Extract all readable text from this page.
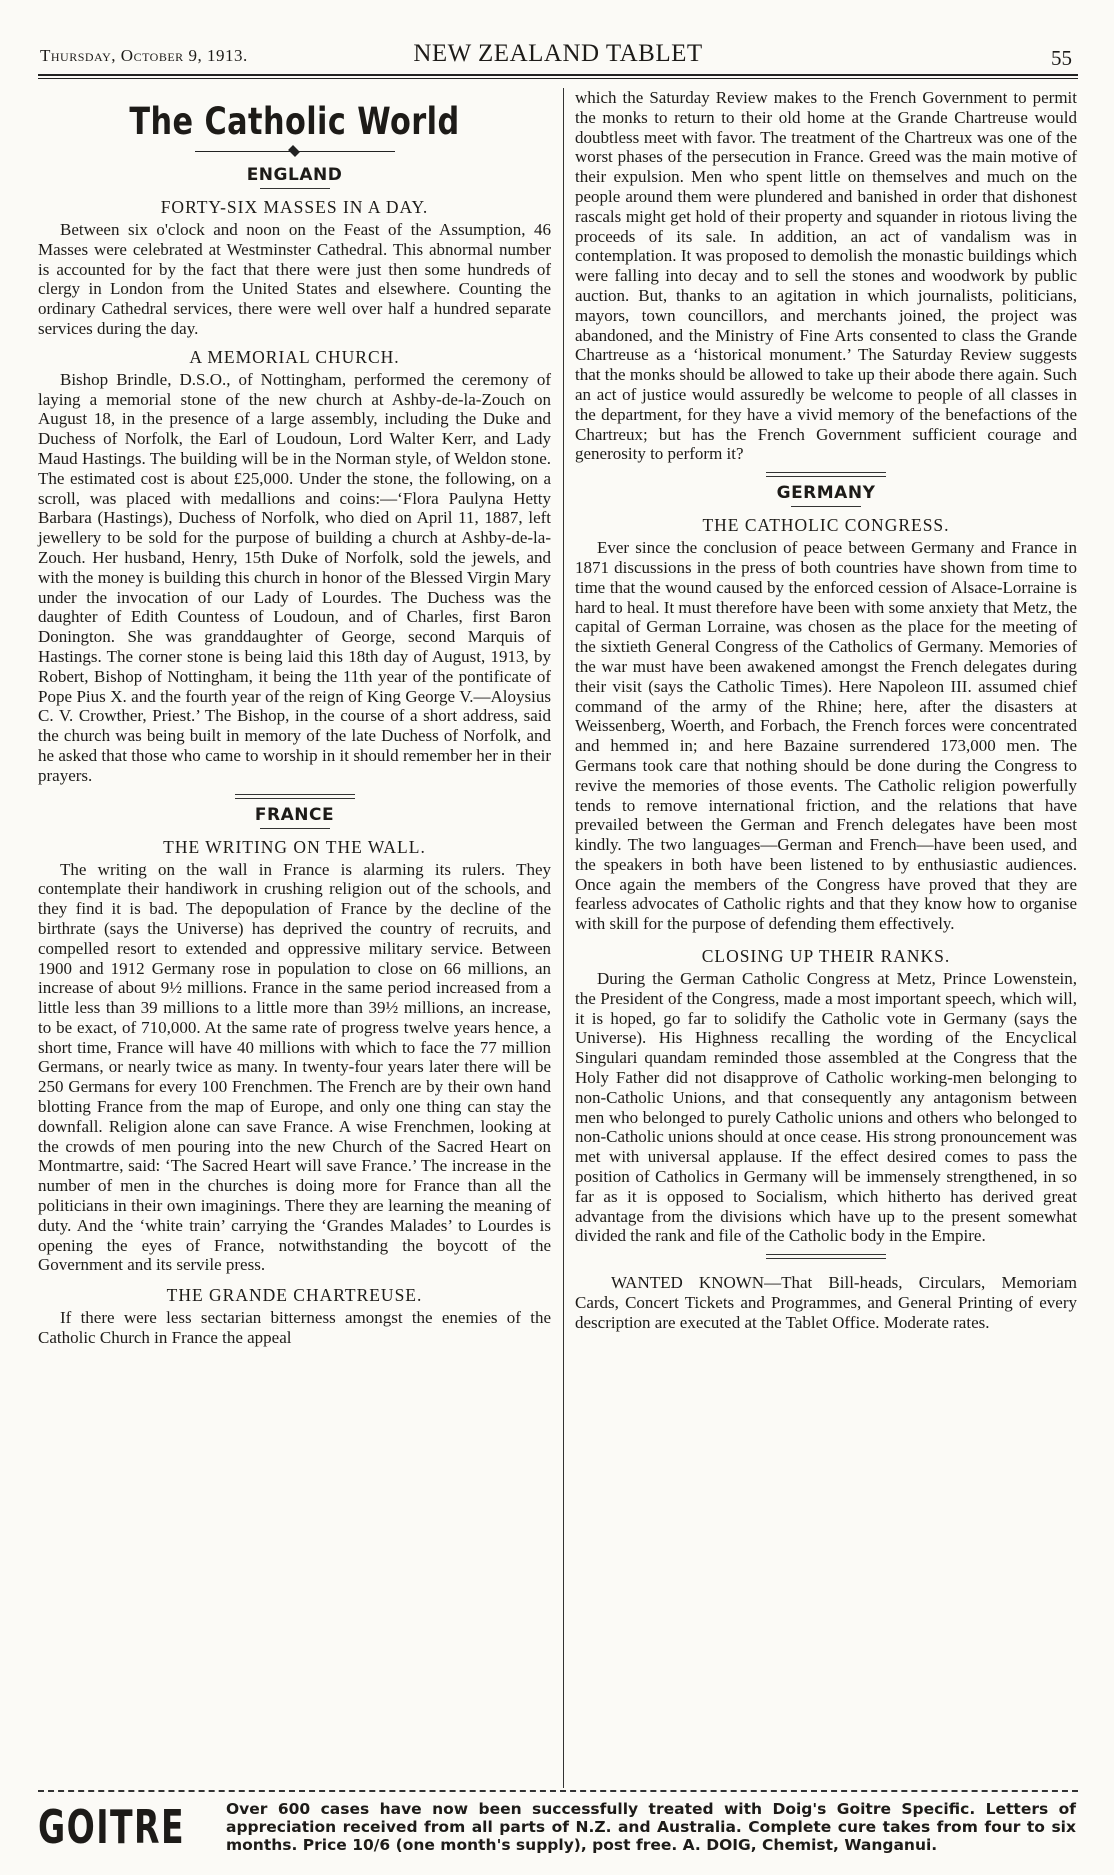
Thursday, October 9, 1913.	NEW ZEALAND TABLET	55
The Catholic World
ENGLAND
FORTY-SIX MASSES IN A DAY.

Between six o'clock and noon on the Feast of the Assumption, 46 Masses were celebrated at Westminster Cathedral. This abnormal number is accounted for by the fact that there were just then some hundreds of clergy in London from the United States and elsewhere. Counting the ordinary Cathedral services, there were well over half a hundred separate services during the day.

A MEMORIAL CHURCH.

Bishop Brindle, D.S.O., of Nottingham, performed the ceremony of laying a memorial stone of the new church at Ashby-de-la-Zouch on August 18, in the presence of a large assembly, including the Duke and Duchess of Norfolk, the Earl of Loudoun, Lord Walter Kerr, and Lady Maud Hastings. The building will be in the Norman style, of Weldon stone. The estimated cost is about £25,000. Under the stone, the following, on a scroll, was placed with medallions and coins:—‘Flora Paulyna Hetty Barbara (Hastings), Duchess of Norfolk, who died on April 11, 1887, left jewellery to be sold for the purpose of building a church at Ashby-de-la-Zouch. Her husband, Henry, 15th Duke of Norfolk, sold the jewels, and with the money is building this church in honor of the Blessed Virgin Mary under the invocation of our Lady of Lourdes. The Duchess was the daughter of Edith Countess of Loudoun, and of Charles, first Baron Donington. She was granddaughter of George, second Marquis of Hastings. The corner stone is being laid this 18th day of August, 1913, by Robert, Bishop of Nottingham, it being the 11th year of the pontificate of Pope Pius X. and the fourth year of the reign of King George V.—Aloysius C. V. Crowther, Priest.’ The Bishop, in the course of a short address, said the church was being built in memory of the late Duchess of Norfolk, and he asked that those who came to worship in it should remember her in their prayers.

FRANCE
THE WRITING ON THE WALL.

The writing on the wall in France is alarming its rulers. They contemplate their handiwork in crushing religion out of the schools, and they find it is bad. The depopulation of France by the decline of the birthrate (says the Universe) has deprived the country of recruits, and compelled resort to extended and oppressive military service. Between 1900 and 1912 Germany rose in population to close on 66 millions, an increase of about 9½ millions. France in the same period increased from a little less than 39 millions to a little more than 39½ millions, an increase, to be exact, of 710,000. At the same rate of progress twelve years hence, a short time, France will have 40 millions with which to face the 77 million Germans, or nearly twice as many. In twenty-four years later there will be 250 Germans for every 100 Frenchmen. The French are by their own hand blotting France from the map of Europe, and only one thing can stay the downfall. Religion alone can save France. A wise Frenchmen, looking at the crowds of men pouring into the new Church of the Sacred Heart on Montmartre, said: ‘The Sacred Heart will save France.’ The increase in the number of men in the churches is doing more for France than all the politicians in their own imaginings. There they are learning the meaning of duty. And the ‘white train’ carrying the ‘Grandes Malades’ to Lourdes is opening the eyes of France, notwithstanding the boycott of the Government and its servile press.

THE GRANDE CHARTREUSE.

If there were less sectarian bitterness amongst the enemies of the Catholic Church in France the appeal

which the Saturday Review makes to the French Government to permit the monks to return to their old home at the Grande Chartreuse would doubtless meet with favor. The treatment of the Chartreux was one of the worst phases of the persecution in France. Greed was the main motive of their expulsion. Men who spent little on themselves and much on the people around them were plundered and banished in order that dishonest rascals might get hold of their property and squander in riotous living the proceeds of its sale. In addition, an act of vandalism was in contemplation. It was proposed to demolish the monastic buildings which were falling into decay and to sell the stones and woodwork by public auction. But, thanks to an agitation in which journalists, politicians, mayors, town councillors, and merchants joined, the project was abandoned, and the Ministry of Fine Arts consented to class the Grande Chartreuse as a ‘historical monument.’ The Saturday Review suggests that the monks should be allowed to take up their abode there again. Such an act of justice would assuredly be welcome to people of all classes in the department, for they have a vivid memory of the benefactions of the Chartreux; but has the French Government sufficient courage and generosity to perform it?

GERMANY
THE CATHOLIC CONGRESS.

Ever since the conclusion of peace between Germany and France in 1871 discussions in the press of both countries have shown from time to time that the wound caused by the enforced cession of Alsace-Lorraine is hard to heal. It must therefore have been with some anxiety that Metz, the capital of German Lorraine, was chosen as the place for the meeting of the sixtieth General Congress of the Catholics of Germany. Memories of the war must have been awakened amongst the French delegates during their visit (says the Catholic Times). Here Napoleon III. assumed chief command of the army of the Rhine; here, after the disasters at Weissenberg, Woerth, and Forbach, the French forces were concentrated and hemmed in; and here Bazaine surrendered 173,000 men. The Germans took care that nothing should be done during the Congress to revive the memories of those events. The Catholic religion powerfully tends to remove international friction, and the relations that have prevailed between the German and French delegates have been most kindly. The two languages—German and French—have been used, and the speakers in both have been listened to by enthusiastic audiences. Once again the members of the Congress have proved that they are fearless advocates of Catholic rights and that they know how to organise with skill for the purpose of defending them effectively.

CLOSING UP THEIR RANKS.

During the German Catholic Congress at Metz, Prince Lowenstein, the President of the Congress, made a most important speech, which will, it is hoped, go far to solidify the Catholic vote in Germany (says the Universe). His Highness recalling the wording of the Encyclical Singulari quandam reminded those assembled at the Congress that the Holy Father did not disapprove of Catholic working-men belonging to non-Catholic Unions, and that consequently any antagonism between men who belonged to purely Catholic unions and others who belonged to non-Catholic unions should at once cease. His strong pronouncement was met with universal applause. If the effect desired comes to pass the position of Catholics in Germany will be immensely strengthened, in so far as it is opposed to Socialism, which hitherto has derived great advantage from the divisions which have up to the present somewhat divided the rank and file of the Catholic body in the Empire.

WANTED KNOWN—That Bill-heads, Circulars, Memoriam Cards, Concert Tickets and Programmes, and General Printing of every description are executed at the Tablet Office. Moderate rates.

GOITRE	Over 600 cases have now been successfully treated with Doig's Goitre Specific. Letters of appreciation received from all parts of N.Z. and Australia. Complete cure takes from four to six months. Price 10/6 (one month's supply), post free. A. DOIG, Chemist, Wanganui.
